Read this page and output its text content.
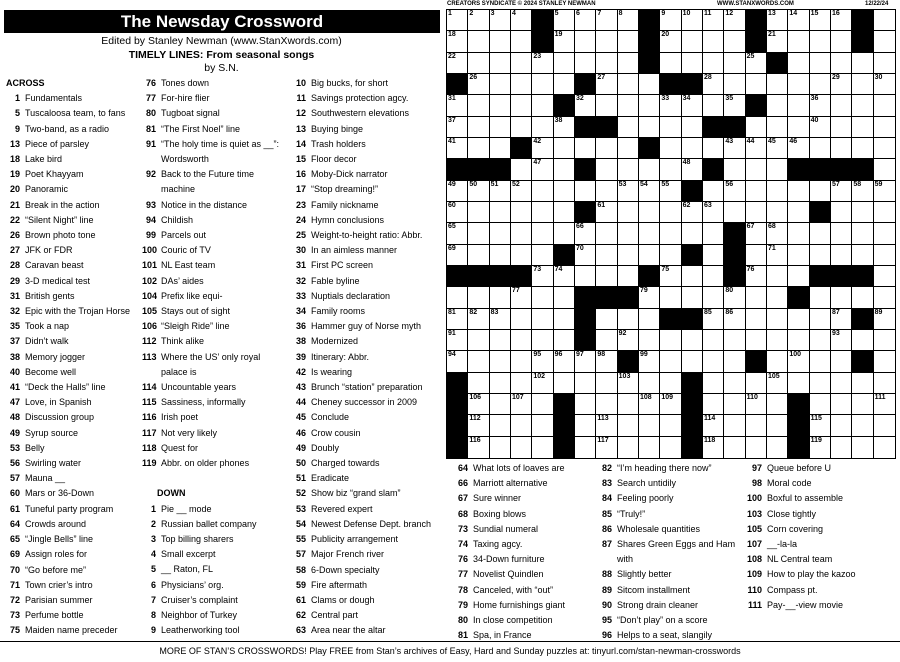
The Newsday Crossword
Edited by Stanley Newman (www.StanXwords.com)
TIMELY LINES: From seasonal songs
by S.N.
CREATORS SYNDICATE © 2024 STANLEY NEWMAN	WWW.STANXWORDS.COM	12/22/24
ACROSS
1 Fundamentals
5 Tuscaloosa team, to fans
9 Two-band, as a radio
13 Piece of parsley
18 Lake bird
19 Poet Khayyam
20 Panoramic
21 Break in the action
22 “Silent Night” line
26 Brown photo tone
27 JFK or FDR
28 Caravan beast
29 3-D medical test
31 British gents
32 Epic with the Trojan Horse
35 Took a nap
37 Didn’t walk
38 Memory jogger
40 Become well
41 “Deck the Halls” line
47 Love, in Spanish
48 Discussion group
49 Syrup source
53 Belly
56 Swirling water
57 Mauna __
60 Mars or 36-Down
61 Tuneful party program
64 Crowds around
65 “Jingle Bells” line
69 Assign roles for
70 “Go before me”
71 Town crier’s intro
72 Parisian summer
73 Perfume bottle
75 Maiden name preceder
76 Tones down
77 For-hire flier
80 Tugboat signal
81 “The First Noel” line
91 “The holy time is quiet as __”:
Wordsworth
92 Back to the Future time
machine
93 Notice in the distance
94 Childish
99 Parcels out
100 Couric of TV
101 NL East team
102 DAs’ aides
104 Prefix like equi-
105 Stays out of sight
106 “Sleigh Ride” line
112 Think alike
113 Where the US’ only royal
palace is
114 Uncountable years
115 Sassiness, informally
116 Irish poet
117 Not very likely
118 Quest for
119 Abbr. on older phones
DOWN
1 Pie __ mode
2 Russian ballet company
3 Top billing sharers
4 Small excerpt
5 __ Raton, FL
6 Physicians’ org.
7 Cruiser’s complaint
8 Neighbor of Turkey
9 Leatherworking tool
10 Big bucks, for short
11 Savings protection agcy.
12 Southwestern elevations
13 Buying binge
14 Trash holders
15 Floor decor
16 Moby-Dick narrator
17 “Stop dreaming!”
23 Family nickname
24 Hymn conclusions
25 Weight-to-height ratio: Abbr.
30 In an aimless manner
31 First PC screen
32 Fable byline
33 Nuptials declaration
34 Family rooms
36 Hammer guy of Norse myth
38 Modernized
39 Itinerary: Abbr.
42 Is wearing
43 Brunch “station” preparation
44 Cheney successor in 2009
45 Conclude
46 Crow cousin
49 Doubly
50 Charged towards
51 Eradicate
52 Show biz “grand slam”
53 Revered expert
54 Newest Defense Dept. branch
55 Publicity arrangement
57 Major French river
58 6-Down specialty
59 Fire aftermath
61 Clams or dough
62 Central part
63 Area near the altar
1 2 3 4	5 6 7 8	9 10 11 12	13 14 15 16
18	19	20	21
22	23	25
26	27	28	29	30
31	32	33 34	35	36
37	38	40
41	42	43 44 45 46
47	48
49 50 51 52	53 54 55	56	57 58 59
60	61	62 63
65	66	67 68
69	70	71
73 74	75	76
77	79	80
81 82 83	85 86	87	89
91	92	93
94	95 96 97 98	99	100
102	103	105
106	107	108 109	110	111
112	113	114	115
116	117	118	119
64 What lots of loaves are
66 Marriott alternative
67 Sure winner
68 Boxing blows
73 Sundial numeral
74 Taxing agcy.
76 34-Down furniture
77 Novelist Quindlen
78 Canceled, with “out”
79 Home furnishings giant
80 In close competition
81 Spa, in France
82 “I’m heading there now”
83 Search untidily
84 Feeling poorly
85 “Truly!”
86 Wholesale quantities
87 Shares Green Eggs and Ham
with
88 Slightly better
89 Sitcom installment
90 Strong drain cleaner
95 “Don’t play” on a score
96 Helps to a seat, slangily
97 Queue before U
98 Moral code
100 Boxful to assemble
103 Close tightly
105 Corn covering
107 __-la-la
108 NL Central team
109 How to play the kazoo
110 Compass pt.
111 Pay-__-view movie
MORE OF STAN’S CROSSWORDS! Play FREE from Stan’s archives of Easy, Hard and Sunday puzzles at: tinyurl.com/stan-newman-crosswords
